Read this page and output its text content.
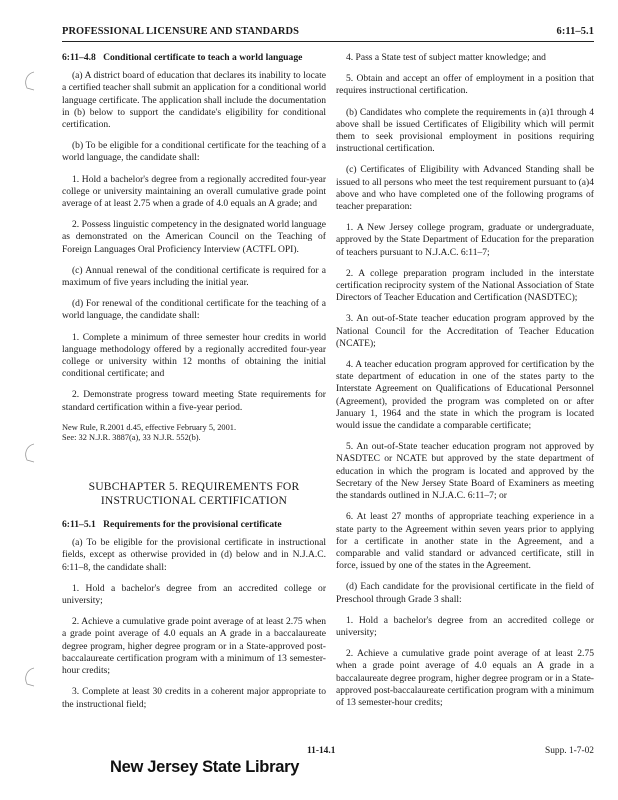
PROFESSIONAL LICENSURE AND STANDARDS	6:11–5.1
6:11–4.8 Conditional certificate to teach a world language

(a) A district board of education that declares its inability to locate a certified teacher shall submit an application for a conditional world language certificate. The application shall include the documentation in (b) below to support the candidate's eligibility for conditional certification.

(b) To be eligible for a conditional certificate for the teaching of a world language, the candidate shall:

1. Hold a bachelor's degree from a regionally accredited four-year college or university maintaining an overall cumulative grade point average of at least 2.75 when a grade of 4.0 equals an A grade; and

2. Possess linguistic competency in the designated world language as demonstrated on the American Council on the Teaching of Foreign Languages Oral Proficiency Interview (ACTFL OPI).

(c) Annual renewal of the conditional certificate is required for a maximum of five years including the initial year.

(d) For renewal of the conditional certificate for the teaching of a world language, the candidate shall:

1. Complete a minimum of three semester hour credits in world language methodology offered by a regionally accredited four-year college or university within 12 months of obtaining the initial conditional certificate; and

2. Demonstrate progress toward meeting State requirements for standard certification within a five-year period.

New Rule, R.2001 d.45, effective February 5, 2001.
See: 32 N.J.R. 3887(a), 33 N.J.R. 552(b).
SUBCHAPTER 5. REQUIREMENTS FOR
INSTRUCTIONAL CERTIFICATION
6:11–5.1 Requirements for the provisional certificate

(a) To be eligible for the provisional certificate in instructional fields, except as otherwise provided in (d) below and in N.J.A.C. 6:11–8, the candidate shall:

1. Hold a bachelor's degree from an accredited college or university;

2. Achieve a cumulative grade point average of at least 2.75 when a grade point average of 4.0 equals an A grade in a baccalaureate degree program, higher degree program or in a State-approved post-baccalaureate certification program with a minimum of 13 semester-hour credits;

3. Complete at least 30 credits in a coherent major appropriate to the instructional field;

4. Pass a State test of subject matter knowledge; and

5. Obtain and accept an offer of employment in a position that requires instructional certification.

(b) Candidates who complete the requirements in (a)1 through 4 above shall be issued Certificates of Eligibility which will permit them to seek provisional employment in positions requiring instructional certification.

(c) Certificates of Eligibility with Advanced Standing shall be issued to all persons who meet the test requirement pursuant to (a)4 above and who have completed one of the following programs of teacher preparation:

1. A New Jersey college program, graduate or undergraduate, approved by the State Department of Education for the preparation of teachers pursuant to N.J.A.C. 6:11–7;

2. A college preparation program included in the interstate certification reciprocity system of the National Association of State Directors of Teacher Education and Certification (NASDTEC);

3. An out-of-State teacher education program approved by the National Council for the Accreditation of Teacher Education (NCATE);

4. A teacher education program approved for certification by the state department of education in one of the states party to the Interstate Agreement on Qualifications of Educational Personnel (Agreement), provided the program was completed on or after January 1, 1964 and the state in which the program is located would issue the candidate a comparable certificate;

5. An out-of-State teacher education program not approved by NASDTEC or NCATE but approved by the state department of education in which the program is located and approved by the Secretary of the New Jersey State Board of Examiners as meeting the standards outlined in N.J.A.C. 6:11–7; or

6. At least 27 months of appropriate teaching experience in a state party to the Agreement within seven years prior to applying for a certificate in another state in the Agreement, and a comparable and valid standard or advanced certificate, still in force, issued by one of the states in the Agreement.

(d) Each candidate for the provisional certificate in the field of Preschool through Grade 3 shall:

1. Hold a bachelor's degree from an accredited college or university;

2. Achieve a cumulative grade point average of at least 2.75 when a grade point average of 4.0 equals an A grade in a baccalaureate degree program, higher degree program or in a State-approved post-baccalaureate certification program with a minimum of 13 semester-hour credits;

11-14.1	Supp. 1-7-02
New Jersey State Library
